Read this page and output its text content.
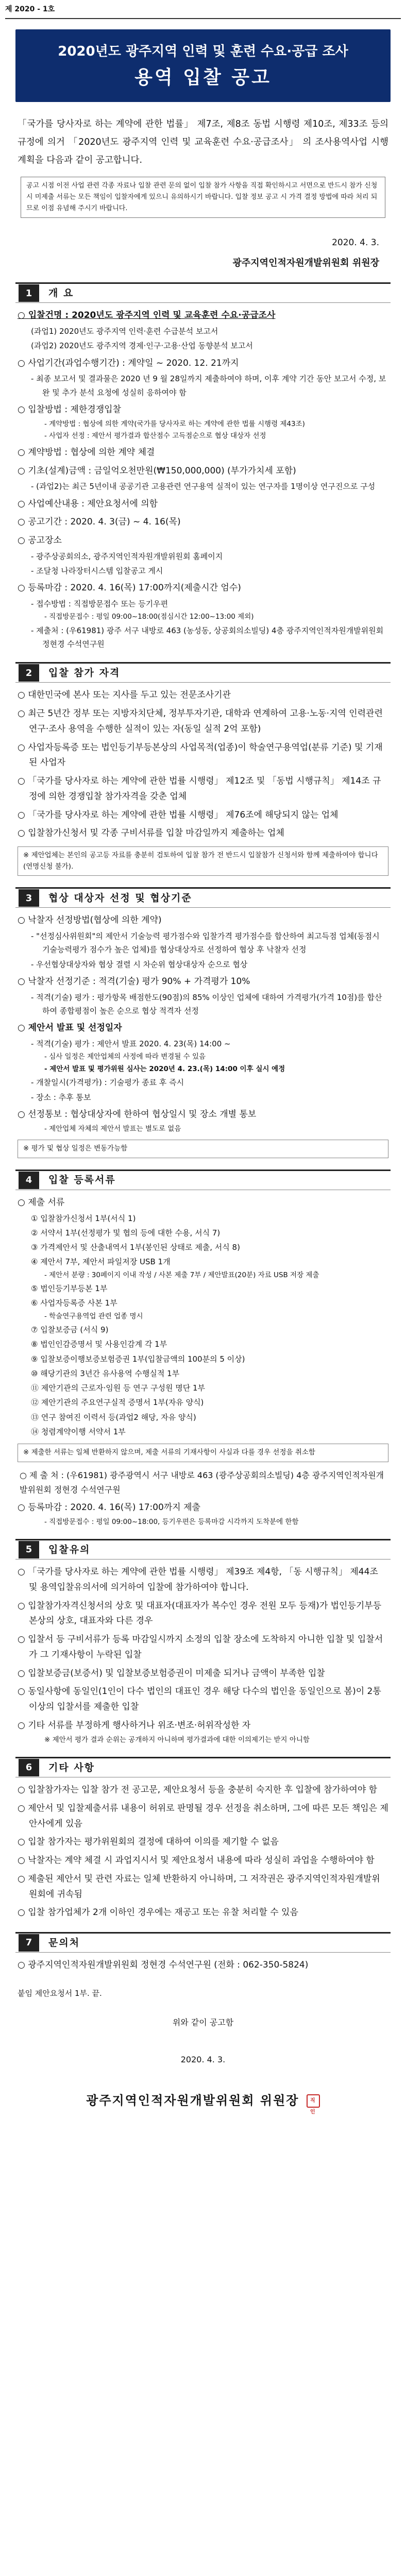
제 2020 - 1호
2020년도 광주지역 인력 및 훈련 수요·공급 조사
용역 입찰 공고
「국가를 당사자로 하는 계약에 관한 법률」 제7조, 제8조 동법 시행령 제10조, 제33조 등의 규정에 의거 「2020년도 광주지역 인력 및 교육훈련 수요·공급조사」 의 조사용역사업 시행 계획을 다음과 같이 공고합니다.
공고 시점 이전 사업 관련 각종 자료나 입찰 관련 문의 없이 입찰 참가 사항을 직접 확인하시고 서면으로 반드시 참가 신청 시 미제출 서류는 모든 책임이 입찰자에게 있으니 유의하시기 바랍니다. 입찰 정보 공고 시 가격 결정 방법에 따라 처리 되므로 이점 유념해 주시기 바랍니다.
2020. 4. 3.
광주지역인적자원개발위원회 위원장
1	개 요
○ 입찰건명 : 2020년도 광주지역 인력 및 교육훈련 수요·공급조사
(과업1) 2020년도 광주지역 인력·훈련 수급분석 보고서
(과업2) 2020년도 광주지역 경제·인구·고용·산업 동향분석 보고서
○ 사업기간(과업수행기간) : 계약일 ~ 2020. 12. 21까지
- 최종 보고서 및 결과물은 2020 년 9 월 28일까지 제출하여야 하며, 이후 계약 기간 동안 보고서 수정, 보완 및 추가 분석 요청에 성실히 응하여야 함
○ 입찰방법 : 제한경쟁입찰
- 계약방법 : 협상에 의한 계약(국가를 당사자로 하는 계약에 관한 법률 시행령 제43조)
- 사업자 선정 : 제안서 평가결과 합산점수 고득점순으로 협상 대상자 선정
○ 계약방법 : 협상에 의한 계약 체결
○ 기초(설계)금액 : 금일억오천만원(₩150,000,000) (부가가치세 포함)
- (과업2)는 최근 5년이내 공공기관 고용관련 연구용역 실적이 있는 연구자를 1명이상 연구진으로 구성
○ 사업예산내용 : 제안요청서에 의함
○ 공고기간 : 2020. 4. 3(금) ~ 4. 16(목)
○ 공고장소
- 광주상공회의소, 광주지역인적자원개발위원회 홈페이지
- 조달청 나라장터시스템 입찰공고 게시
○ 등록마감 : 2020. 4. 16(목) 17:00까지(제출시간 엄수)
- 접수방법 : 직접방문접수 또는 등기우편
- 직접방문접수 : 평일 09:00~18:00(점심시간 12:00~13:00 제외)
- 제출처 : (우61981) 광주 서구 내방로 463 (농성동, 상공회의소빌딩) 4층 광주지역인적자원개발위원회 정현경 수석연구원
2	입찰 참가 자격
○ 대한민국에 본사 또는 지사를 두고 있는 전문조사기관
○ 최근 5년간 정부 또는 지방자치단체, 정부투자기관, 대학과 연계하여 고용·노동·지역 인력관련 연구·조사 용역을 수행한 실적이 있는 자(동일 실적 2억 포함)
○ 사업자등록증 또는 법인등기부등본상의 사업목적(업종)이 학술연구용역업(분류 기준) 및 기재된 사업자
○ 「국가를 당사자로 하는 계약에 관한 법률 시행령」 제12조 및 「동법 시행규칙」 제14조 규정에 의한 경쟁입찰 참가자격을 갖춘 업체
○ 「국가를 당사자로 하는 계약에 관한 법률 시행령」 제76조에 해당되지 않는 업체
○ 입찰참가신청서 및 각종 구비서류를 입찰 마감일까지 제출하는 업체
※ 제안업체는 본인의 공고등 자료를 충분히 검토하여 입찰 참가 전 반드시 입찰참가 신청서와 함께 제출하여야 합니다(연명신청 불가).
3	협상 대상자 선정 및 협상기준
○ 낙찰자 선정방법(협상에 의한 계약)
- "선정심사위원회"의 제안서 기술능력 평가점수와 입찰가격 평가점수를 합산하여 최고득점 업체(동점시 기술능력평가 점수가 높은 업체)를 협상대상자로 선정하여 협상 후 낙찰자 선정
- 우선협상대상자와 협상 결렬 시 차순위 협상대상자 순으로 협상
○ 낙찰자 선정기준 : 적격(기술) 평가 90% + 가격평가 10%
- 적격(기술) 평가 : 평가항목 배점한도(90점)의 85% 이상인 업체에 대하여 가격평가(가격 10점)를 합산하여 종합평점이 높은 순으로 협상 적격자 선정
○ 제안서 발표 및 선정일자
- 적격(기술) 평가 : 제안서 발표 2020. 4. 23(목) 14:00 ~
- 심사 일정은 제안업체의 사정에 따라 변경될 수 있음
- 제안서 발표 및 평가위원 심사는 2020년 4. 23.(목) 14:00 이후 실시 예정
- 개찰일시(가격평가) : 기술평가 종료 후 즉시
- 장소 : 추후 통보
○ 선정통보 : 협상대상자에 한하여 협상일시 및 장소 개별 통보
- 제안업체 자체의 제안서 발표는 별도로 없음
※ 평가 및 협상 일정은 변동가능함
4	입찰 등록서류
○ 제출 서류
① 입찰참가신청서 1부(서식 1)
② 서약서 1부(선정평가 및 협의 등에 대한 수용, 서식 7)
③ 가격제안서 및 산출내역서 1부(봉인된 상태로 제출, 서식 8)
④ 제안서 7부, 제안서 파일저장 USB 1개
- 제안서 분량 : 30페이지 이내 작성 / 사본 제출 7부 / 제안발표(20분) 자료 USB 저장 제출
⑤ 법인등기부등본 1부
⑥ 사업자등록증 사본 1부
- 학술연구용역업 관련 업종 명시
⑦ 입찰보증금 (서식 9)
⑧ 법인인감증명서 및 사용인감계 각 1부
⑨ 입찰보증이행보증보험증권 1부(입찰금액의 100분의 5 이상)
⑩ 해당기관의 3년간 유사용역 수행실적 1부
⑪ 제안기관의 근로자·임원 등 연구 구성원 명단 1부
⑫ 제안기관의 주요연구실적 증명서 1부(자유 양식)
⑬ 연구 참여진 이력서 등(과업2 해당, 자유 양식)
⑭ 청렴계약이행 서약서 1부
※ 제출한 서류는 일체 반환하지 않으며, 제출 서류의 기재사항이 사실과 다를 경우 선정을 취소함
○ 제 출 처 : (우61981) 광주광역시 서구 내방로 463 (광주상공회의소빌딩) 4층 광주지역인적자원개발위원회 정현경 수석연구원
○ 등록마감 : 2020. 4. 16(목) 17:00까지 제출
- 직접방문접수 : 평일 09:00~18:00, 등기우편은 등록마감 시각까지 도착분에 한함
5	입찰유의
○ 「국가를 당사자로 하는 계약에 관한 법률 시행령」 제39조 제4항, 「동 시행규칙」 제44조 및 용역입찰유의서에 의거하여 입찰에 참가하여야 합니다.
○ 입찰참가자격신청서의 상호 및 대표자(대표자가 복수인 경우 전원 모두 등재)가 법인등기부등본상의 상호, 대표자와 다른 경우
○ 입찰서 등 구비서류가 등록 마감일시까지 소정의 입찰 장소에 도착하지 아니한 입찰 및 입찰서가 그 기재사항이 누락된 입찰
○ 입찰보증금(보증서) 및 입찰보증보험증권이 미제출 되거나 금액이 부족한 입찰
○ 동일사항에 동일인(1인이 다수 법인의 대표인 경우 해당 다수의 법인을 동일인으로 봄)이 2통 이상의 입찰서를 제출한 입찰
○ 기타 서류를 부정하게 행사하거나 위조·변조·허위작성한 자
※ 제안서 평가 결과 순위는 공개하지 아니하며 평가결과에 대한 이의제기는 받지 아니함
6	기타 사항
○ 입찰참가자는 입찰 참가 전 공고문, 제안요청서 등을 충분히 숙지한 후 입찰에 참가하여야 함
○ 제안서 및 입찰제출서류 내용이 허위로 판명될 경우 선정을 취소하며, 그에 따른 모든 책임은 제안사에게 있음
○ 입찰 참가자는 평가위원회의 결정에 대하여 이의를 제기할 수 없음
○ 낙찰자는 계약 체결 시 과업지시서 및 제안요청서 내용에 따라 성실히 과업을 수행하여야 함
○ 제출된 제안서 및 관련 자료는 일체 반환하지 아니하며, 그 저작권은 광주지역인적자원개발위원회에 귀속됨
○ 입찰 참가업체가 2개 이하인 경우에는 재공고 또는 유찰 처리할 수 있음
7	문의처
○ 광주지역인적자원개발위원회 정현경 수석연구원 (전화 : 062-350-5824)
붙임 제안요청서 1부. 끝.
위와 같이 공고함
2020. 4. 3.
광주지역인적자원개발위원회 위원장 직인
